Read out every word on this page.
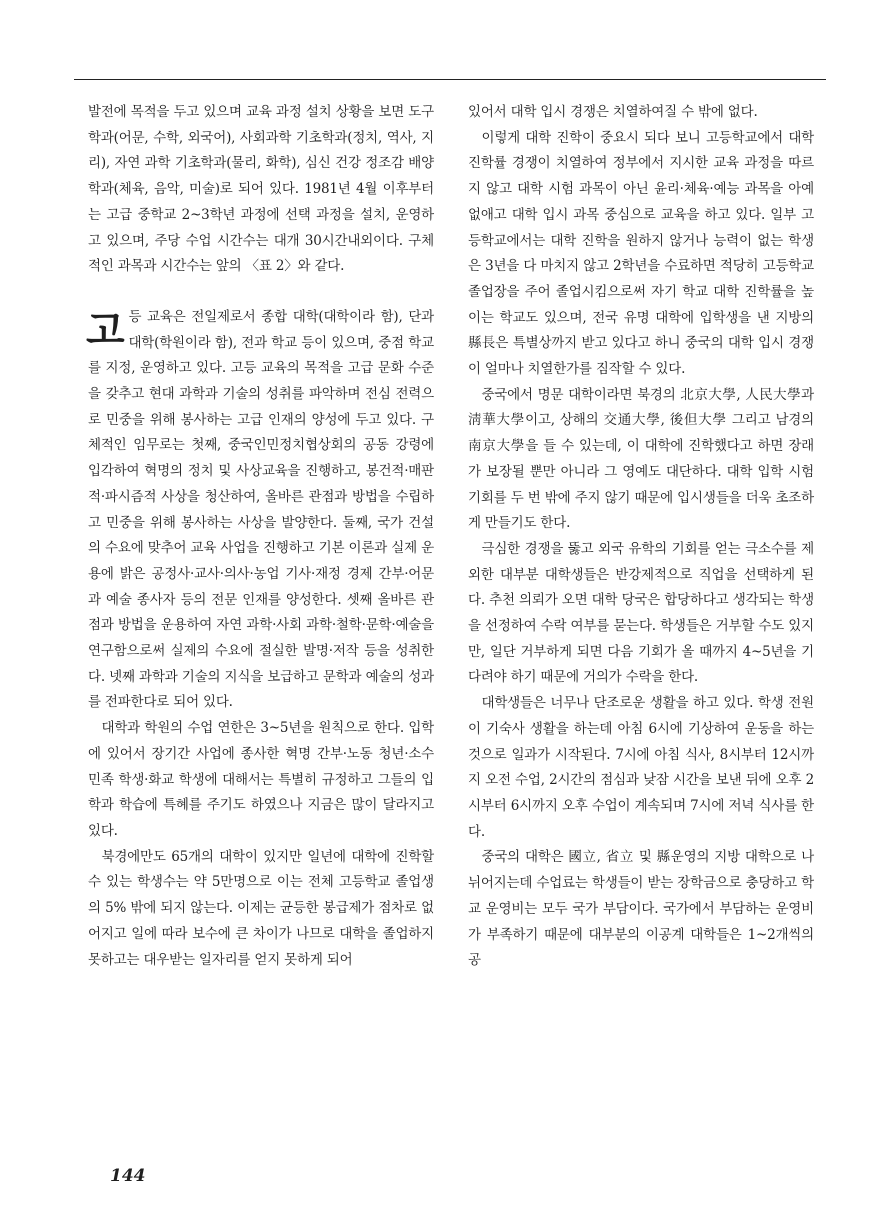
발전에 목적을 두고 있으며 교육 과정 설치 상황을 보면 도구학과(어문, 수학, 외국어), 사회과학 기초학과(정치, 역사, 지리), 자연 과학 기초학과(물리, 화학), 심신 건강 정조감 배양학과(체육, 음악, 미술)로 되어 있다. 1981년 4월 이후부터는 고급 중학교 2~3학년 과정에 선택 과정을 설치, 운영하고 있으며, 주당 수업 시간수는 대개 30시간내외이다. 구체적인 과목과 시간수는 앞의 〈표 2〉와 같다.

고등 교육은 전일제로서 종합 대학(대학이라 함), 단과 대학(학원이라 함), 전과 학교 등이 있으며, 중점 학교를 지정, 운영하고 있다. 고등 교육의 목적을 고급 문화 수준을 갖추고 현대 과학과 기술의 성취를 파악하며 전심 전력으로 민중을 위해 봉사하는 고급 인재의 양성에 두고 있다. 구체적인 임무로는 첫째, 중국인민정치협상회의 공동 강령에 입각하여 혁명의 정치 및 사상교육을 진행하고, 봉건적·매판적·파시즘적 사상을 청산하여, 올바른 관점과 방법을 수립하고 민중을 위해 봉사하는 사상을 발양한다. 둘째, 국가 건설의 수요에 맞추어 교육 사업을 진행하고 기본 이론과 실제 운용에 밝은 공정사·교사·의사·농업 기사·재정 경제 간부·어문과 예술 종사자 등의 전문 인재를 양성한다. 셋째 올바른 관점과 방법을 운용하여 자연 과학·사회 과학·철학·문학·예술을 연구함으로써 실제의 수요에 절실한 발명·저작 등을 성취한다. 넷째 과학과 기술의 지식을 보급하고 문학과 예술의 성과를 전파한다로 되어 있다.

대학과 학원의 수업 연한은 3~5년을 원칙으로 한다. 입학에 있어서 장기간 사업에 종사한 혁명 간부·노동 청년·소수 민족 학생·화교 학생에 대해서는 특별히 규정하고 그들의 입학과 학습에 특혜를 주기도 하였으나 지금은 많이 달라지고 있다.

북경에만도 65개의 대학이 있지만 일년에 대학에 진학할 수 있는 학생수는 약 5만명으로 이는 전체 고등학교 졸업생의 5% 밖에 되지 않는다. 이제는 균등한 봉급제가 점차로 없어지고 일에 따라 보수에 큰 차이가 나므로 대학을 졸업하지 못하고는 대우받는 일자리를 얻지 못하게 되어

있어서 대학 입시 경쟁은 치열하여질 수 밖에 없다.

이렇게 대학 진학이 중요시 되다 보니 고등학교에서 대학 진학률 경쟁이 치열하여 정부에서 지시한 교육 과정을 따르지 않고 대학 시험 과목이 아닌 윤리·체육·예능 과목을 아예 없애고 대학 입시 과목 중심으로 교육을 하고 있다. 일부 고등학교에서는 대학 진학을 원하지 않거나 능력이 없는 학생은 3년을 다 마치지 않고 2학년을 수료하면 적당히 고등학교 졸업장을 주어 졸업시킴으로써 자기 학교 대학 진학률을 높이는 학교도 있으며, 전국 유명 대학에 입학생을 낸 지방의 縣長은 특별상까지 받고 있다고 하니 중국의 대학 입시 경쟁이 얼마나 치열한가를 짐작할 수 있다.

중국에서 명문 대학이라면 북경의 北京大學, 人民大學과 淸華大學이고, 상해의 交通大學, 後但大學 그리고 남경의 南京大學을 들 수 있는데, 이 대학에 진학했다고 하면 장래가 보장될 뿐만 아니라 그 영예도 대단하다. 대학 입학 시험 기회를 두 번 밖에 주지 않기 때문에 입시생들을 더욱 초조하게 만들기도 한다.

극심한 경쟁을 뚫고 외국 유학의 기회를 얻는 극소수를 제외한 대부분 대학생들은 반강제적으로 직업을 선택하게 된다. 추천 의뢰가 오면 대학 당국은 합당하다고 생각되는 학생을 선정하여 수락 여부를 묻는다. 학생들은 거부할 수도 있지만, 일단 거부하게 되면 다음 기회가 올 때까지 4~5년을 기다려야 하기 때문에 거의가 수락을 한다.

대학생들은 너무나 단조로운 생활을 하고 있다. 학생 전원이 기숙사 생활을 하는데 아침 6시에 기상하여 운동을 하는 것으로 일과가 시작된다. 7시에 아침 식사, 8시부터 12시까지 오전 수업, 2시간의 점심과 낮잠 시간을 보낸 뒤에 오후 2시부터 6시까지 오후 수업이 계속되며 7시에 저녁 식사를 한다.

중국의 대학은 國立, 省立 및 縣운영의 지방 대학으로 나뉘어지는데 수업료는 학생들이 받는 장학금으로 충당하고 학교 운영비는 모두 국가 부담이다. 국가에서 부담하는 운영비가 부족하기 때문에 대부분의 이공계 대학들은 1~2개씩의 공

144
